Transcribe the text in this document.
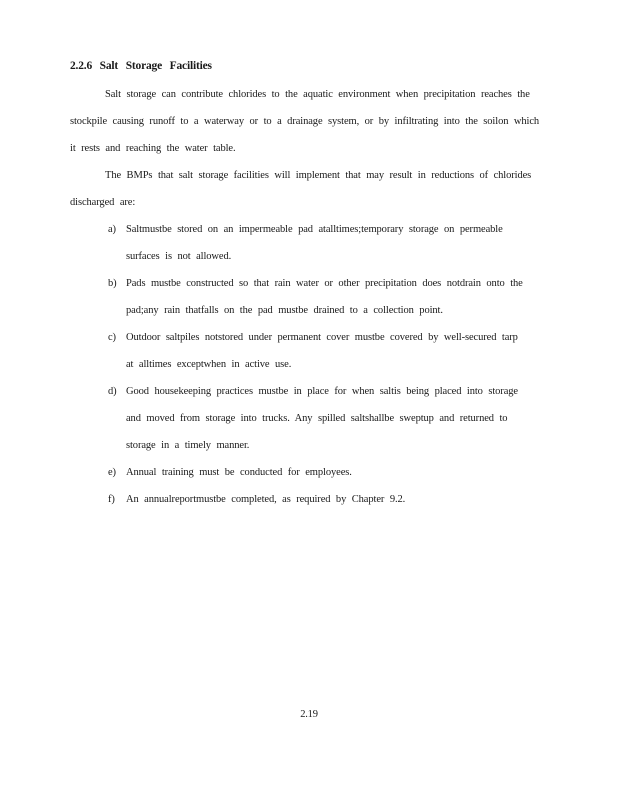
2.2.6 Salt Storage Facilities
Salt storage can contribute chlorides to the aquatic environment when precipitation reaches the stockpile causing runoff to a waterway or to a drainage system, or by infiltrating into the soilon which it rests and reaching the water table.
The BMPs that salt storage facilities will implement that may result in reductions of chlorides discharged are:
a) Saltmustbe stored on an impermeable pad atalltimes;temporary storage on permeable surfaces is not allowed.
b) Pads mustbe constructed so that rain water or other precipitation does notdrain onto the pad;any rain thatfalls on the pad mustbe drained to a collection point.
c) Outdoor saltpiles notstored under permanent cover mustbe covered by well-secured tarp at alltimes exceptwhen in active use.
d) Good housekeeping practices mustbe in place for when saltis being placed into storage and moved from storage into trucks. Any spilled saltshallbe sweptup and returned to storage in a timely manner.
e) Annual training must be conducted for employees.
f) An annualreportmustbe completed, as required by Chapter 9.2.
2.19
